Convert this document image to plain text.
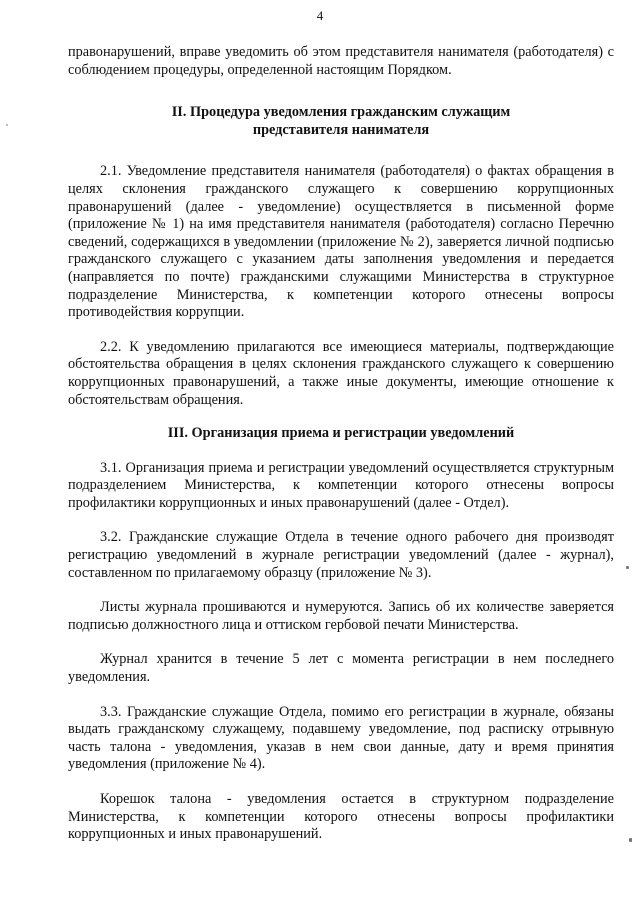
4

правонарушений, вправе уведомить об этом представителя нанимателя (работодателя) с соблюдением процедуры, определенной настоящим Порядком.

II. Процедура уведомления гражданским служащим
представителя нанимателя

2.1. Уведомление представителя нанимателя (работодателя) о фактах обращения в целях склонения гражданского служащего к совершению коррупционных правонарушений (далее - уведомление) осуществляется в письменной форме (приложение № 1) на имя представителя нанимателя (работодателя) согласно Перечню сведений, содержащихся в уведомлении (приложение № 2), заверяется личной подписью гражданского служащего с указанием даты заполнения уведомления и передается (направляется по почте) гражданскими служащими Министерства в структурное подразделение Министерства, к компетенции которого отнесены вопросы противодействия коррупции.

2.2. К уведомлению прилагаются все имеющиеся материалы, подтверждающие обстоятельства обращения в целях склонения гражданского служащего к совершению коррупционных правонарушений, а также иные документы, имеющие отношение к обстоятельствам обращения.

III. Организация приема и регистрации уведомлений

3.1. Организация приема и регистрации уведомлений осуществляется структурным подразделением Министерства, к компетенции которого отнесены вопросы профилактики коррупционных и иных правонарушений (далее - Отдел).

3.2. Гражданские служащие Отдела в течение одного рабочего дня производят регистрацию уведомлений в журнале регистрации уведомлений (далее - журнал), составленном по прилагаемому образцу (приложение № 3).

Листы журнала прошиваются и нумеруются. Запись об их количестве заверяется подписью должностного лица и оттиском гербовой печати Министерства.

Журнал хранится в течение 5 лет с момента регистрации в нем последнего уведомления.

3.3. Гражданские служащие Отдела, помимо его регистрации в журнале, обязаны выдать гражданскому служащему, подавшему уведомление, под расписку отрывную часть талона - уведомления, указав в нем свои данные, дату и время принятия уведомления (приложение № 4).

Корешок талона - уведомления остается в структурном подразделение Министерства, к компетенции которого отнесены вопросы профилактики коррупционных и иных правонарушений.
